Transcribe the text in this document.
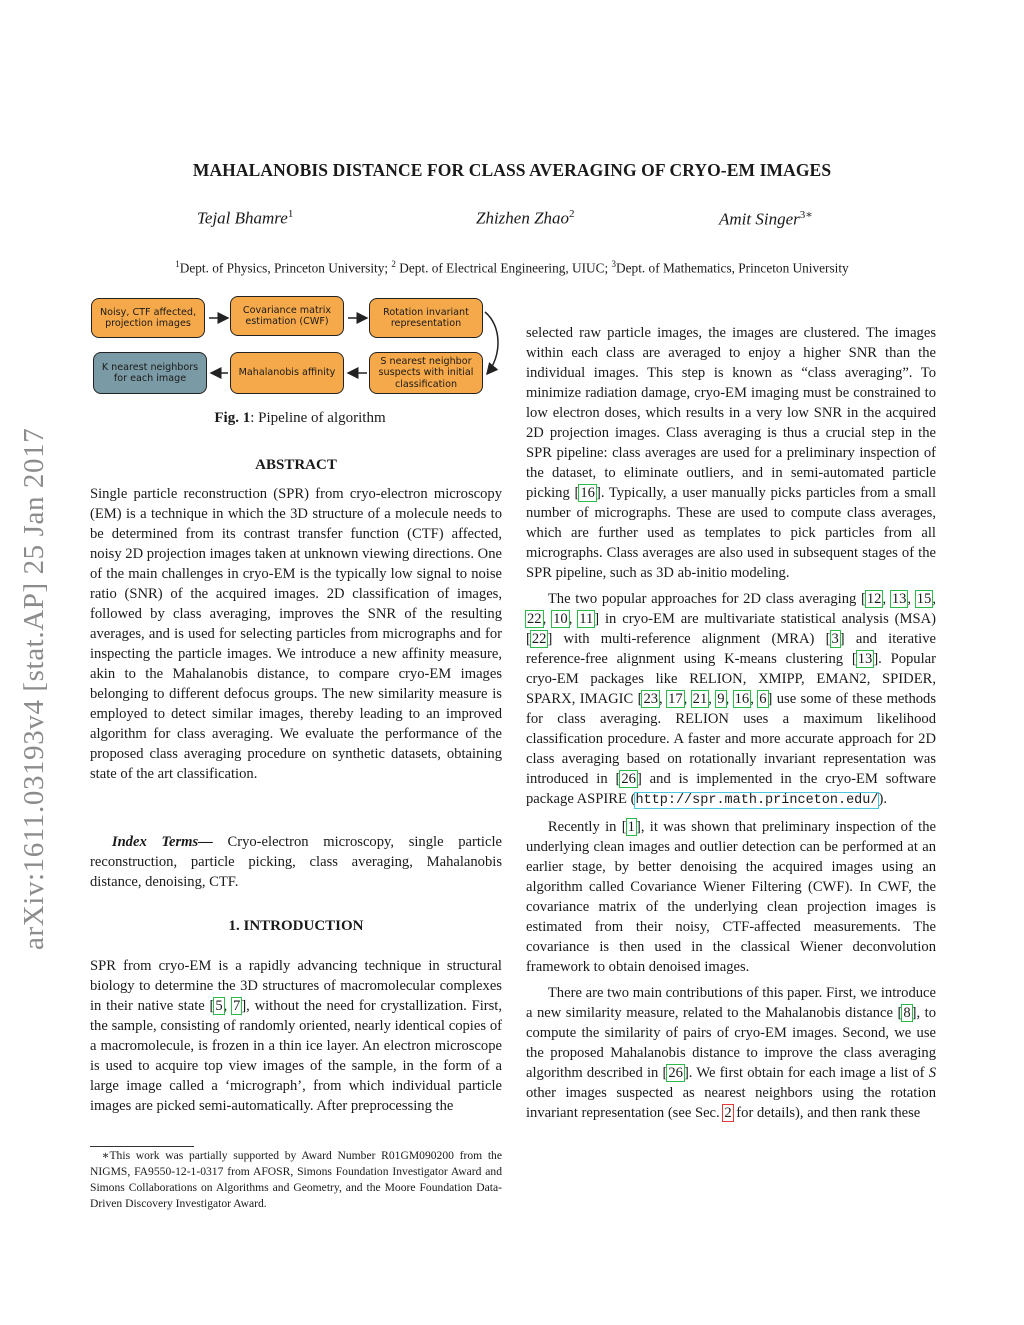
arXiv:1611.03193v4 [stat.AP] 25 Jan 2017
MAHALANOBIS DISTANCE FOR CLASS AVERAGING OF CRYO-EM IMAGES
Tejal Bhamre$^1$	Zhizhen Zhao$^2$	Amit Singer$^{3∗}$
$^1$Dept. of Physics, Princeton University; $^2$ Dept. of Electrical Engineering, UIUC; $^3$Dept. of Mathematics, Princeton University
Noisy, CTF affected, projection images
Covariance matrix estimation (CWF)
Rotation invariant representation
S nearest neighbor suspects with initial classification
Mahalanobis affinity
K nearest neighbors for each image
Fig. 1: Pipeline of algorithm
ABSTRACT

Single particle reconstruction (SPR) from cryo-electron microscopy (EM) is a technique in which the 3D structure of a molecule needs to be determined from its contrast transfer function (CTF) affected, noisy 2D projection images taken at unknown viewing directions. One of the main challenges in cryo-EM is the typically low signal to noise ratio (SNR) of the acquired images. 2D classification of images, followed by class averaging, improves the SNR of the resulting averages, and is used for selecting particles from micrographs and for inspecting the particle images. We introduce a new affinity measure, akin to the Mahalanobis distance, to compare cryo-EM images belonging to different defocus groups. The new similarity measure is employed to detect similar images, thereby leading to an improved algorithm for class averaging. We evaluate the performance of the proposed class averaging procedure on synthetic datasets, obtaining state of the art classification.

Index Terms— Cryo-electron microscopy, single particle reconstruction, particle picking, class averaging, Mahalanobis distance, denoising, CTF.

1. INTRODUCTION

SPR from cryo-EM is a rapidly advancing technique in structural biology to determine the 3D structures of macromolecular complexes in their native state [5, 7], without the need for crystallization. First, the sample, consisting of randomly oriented, nearly identical copies of a macromolecule, is frozen in a thin ice layer. An electron microscope is used to acquire top view images of the sample, in the form of a large image called a ‘micrograph’, from which individual particle images are picked semi-automatically. After preprocessing the

∗This work was partially supported by Award Number R01GM090200 from the NIGMS, FA9550-12-1-0317 from AFOSR, Simons Foundation Investigator Award and Simons Collaborations on Algorithms and Geometry, and the Moore Foundation Data-Driven Discovery Investigator Award.

selected raw particle images, the images are clustered. The images within each class are averaged to enjoy a higher SNR than the individual images. This step is known as “class averaging”. To minimize radiation damage, cryo-EM imaging must be constrained to low electron doses, which results in a very low SNR in the acquired 2D projection images. Class averaging is thus a crucial step in the SPR pipeline: class averages are used for a preliminary inspection of the dataset, to eliminate outliers, and in semi-automated particle picking [16]. Typically, a user manually picks particles from a small number of micrographs. These are used to compute class averages, which are further used as templates to pick particles from all micrographs. Class averages are also used in subsequent stages of the SPR pipeline, such as 3D ab-initio modeling.

The two popular approaches for 2D class averaging [12, 13, 15, 22, 10, 11] in cryo-EM are multivariate statistical analysis (MSA)[22] with multi-reference alignment (MRA) [3] and iterative reference-free alignment using K-means clustering [13]. Popular cryo-EM packages like RELION, XMIPP, EMAN2, SPIDER, SPARX, IMAGIC [23, 17, 21, 9, 16, 6] use some of these methods for class averaging. RELION uses a maximum likelihood classification procedure. A faster and more accurate approach for 2D class averaging based on rotationally invariant representation was introduced in [26] and is implemented in the cryo-EM software package ASPIRE (http://spr.math.princeton.edu/).

Recently in [1], it was shown that preliminary inspection of the underlying clean images and outlier detection can be performed at an earlier stage, by better denoising the acquired images using an algorithm called Covariance Wiener Filtering (CWF). In CWF, the covariance matrix of the underlying clean projection images is estimated from their noisy, CTF-affected measurements. The covariance is then used in the classical Wiener deconvolution framework to obtain denoised images.

There are two main contributions of this paper. First, we introduce a new similarity measure, related to the Mahalanobis distance [8], to compute the similarity of pairs of cryo-EM images. Second, we use the proposed Mahalanobis distance to improve the class averaging algorithm described in [26]. We first obtain for each image a list of S other images suspected as nearest neighbors using the rotation invariant representation (see Sec. 2 for details), and then rank these
